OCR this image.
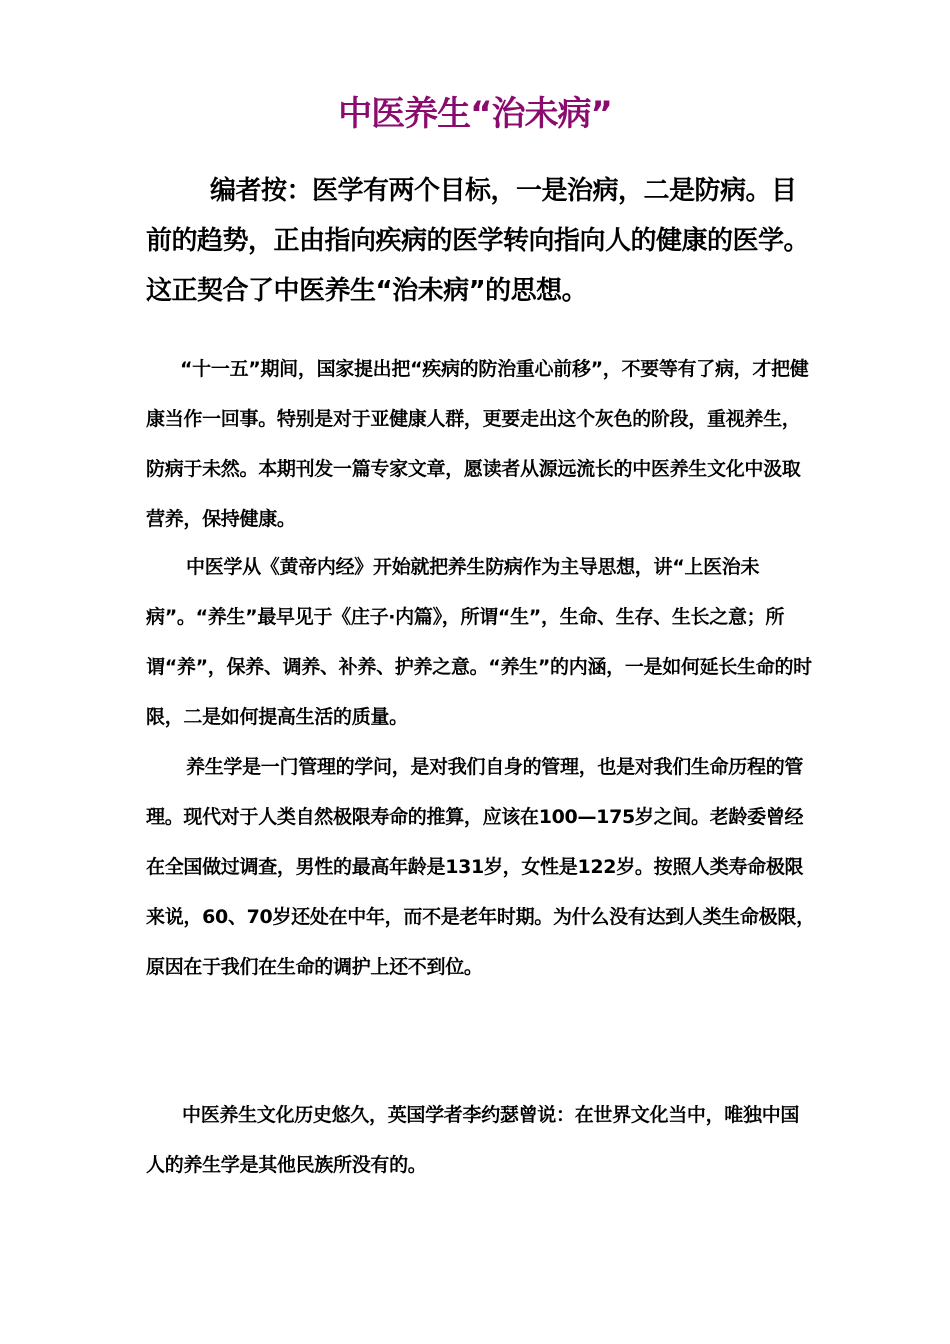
中医养生“治未病”

编者按：医学有两个目标，一是治病，二是防病。目前的趋势，正由指向疾病的医学转向指向人的健康的医学。这正契合了中医养生“治未病”的思想。

“十一五”期间，国家提出把“疾病的防治重心前移”，不要等有了病，才把健康当作一回事。特别是对于亚健康人群，更要走出这个灰色的阶段，重视养生，防病于未然。本期刊发一篇专家文章，愿读者从源远流长的中医养生文化中汲取营养，保持健康。

中医学从《黄帝内经》开始就把养生防病作为主导思想，讲“上医治未病”。“养生”最早见于《庄子·内篇》，所谓“生”，生命、生存、生长之意；所谓“养”，保养、调养、补养、护养之意。“养生”的内涵，一是如何延长生命的时限，二是如何提高生活的质量。

养生学是一门管理的学问，是对我们自身的管理，也是对我们生命历程的管理。现代对于人类自然极限寿命的推算，应该在100—175岁之间。老龄委曾经在全国做过调查，男性的最高年龄是131岁，女性是122岁。按照人类寿命极限来说，60、70岁还处在中年，而不是老年时期。为什么没有达到人类生命极限，原因在于我们在生命的调护上还不到位。

中医养生文化历史悠久，英国学者李约瑟曾说：在世界文化当中，唯独中国人的养生学是其他民族所没有的。
